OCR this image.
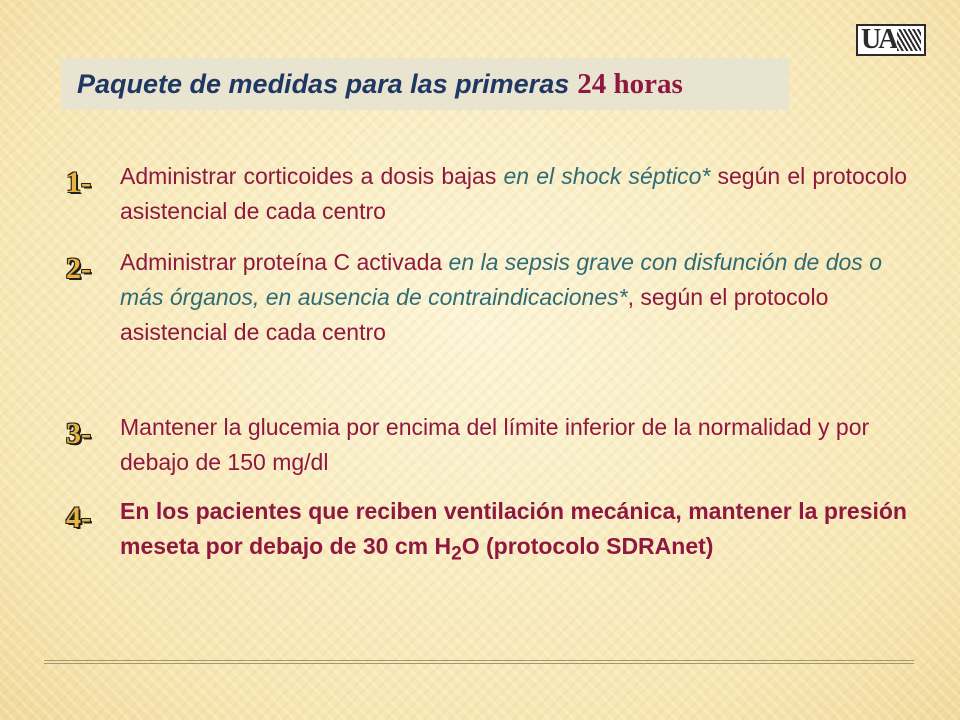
UA
Paquete de medidas para las primeras 24 horas
1-	Administrar corticoides a dosis bajas en el shock séptico* según el protocolo asistencial de cada centro

2-	Administrar proteína C activada en la sepsis grave con disfunción de dos o más órganos, en ausencia de contraindicaciones*, según el protocolo asistencial de cada centro

3-	Mantener la glucemia por encima del límite inferior de la normalidad y por debajo de 150 mg/dl

4-	En los pacientes que reciben ventilación mecánica, mantener la presión meseta por debajo de 30 cm $H_2O$ (protocolo SDRAnet)
